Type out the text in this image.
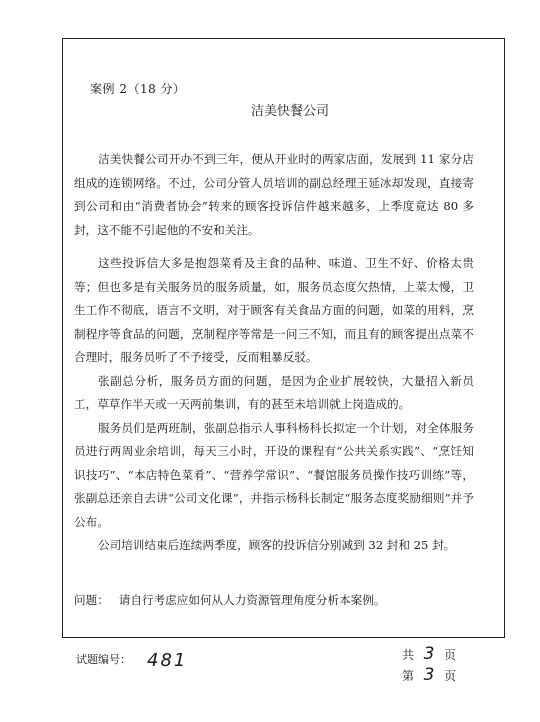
案例 2（18 分）
洁美快餐公司

洁美快餐公司开办不到三年，便从开业时的两家店面，发展到 11 家分店组成的连锁网络。不过，公司分管人员培训的副总经理王延冰却发现，直接寄到公司和由“消费者协会”转来的顾客投诉信件越来越多，上季度竟达 80 多封，这不能不引起他的不安和关注。

这些投诉信大多是抱怨菜肴及主食的品种、味道、卫生不好、价格太贵等；但也多是有关服务员的服务质量，如，服务员态度欠热情，上菜太慢，卫生工作不彻底，语言不文明，对于顾客有关食品方面的问题，如菜的用料，烹制程序等食品的问题，烹制程序等常是一问三不知，而且有的顾客提出点菜不合理时，服务员听了不予接受，反而粗暴反驳。

张副总分析，服务员方面的问题，是因为企业扩展较快，大量招入新员工，草草作半天或一天两前集训，有的甚至未培训就上岗造成的。

服务员们是两班制，张副总指示人事科杨科长拟定一个计划，对全体服务员进行两周业余培训，每天三小时，开设的课程有“公共关系实践”、“烹饪知识技巧”、“本店特色菜肴”、“营养学常识”、“餐馆服务员操作技巧训练”等，张副总还亲自去讲“公司文化课”，并指示杨科长制定“服务态度奖励细则”并予公布。

公司培训结束后连续两季度，顾客的投诉信分别减到 32 封和 25 封。

问题： 请自行考虑应如何从人力资源管理角度分析本案例。
试题编号： 481	共 3 页
第 3 页
